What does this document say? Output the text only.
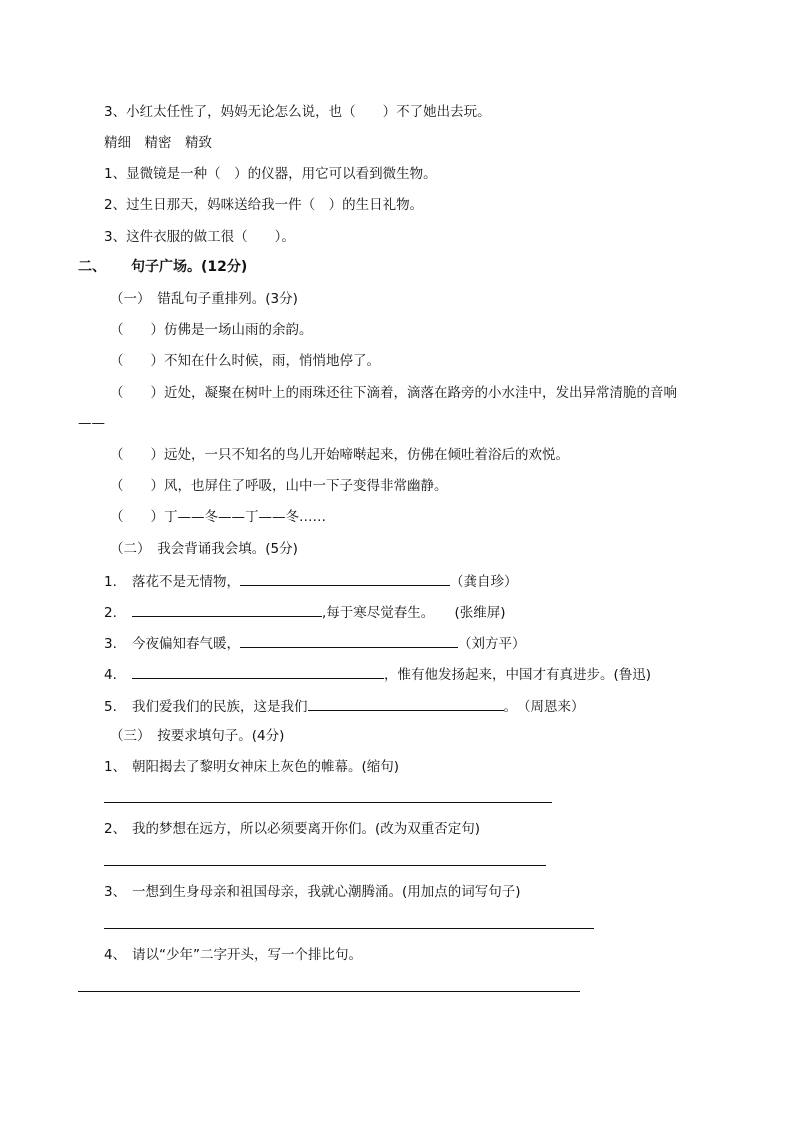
3、小红太任性了，妈妈无论怎么说，也（　　）不了她出去玩。
精细　精密　精致
1、显微镜是一种（　）的仪器，用它可以看到微生物。
2、过生日那天，妈咪送给我一件（　）的生日礼物。
3、这件衣服的做工很（　　）。
二、 句子广场。(12分)
（一）　错乱句子重排列。(3分)
（　　）仿佛是一场山雨的余韵。
（　　）不知在什么时候，雨，悄悄地停了。
（　　）近处，凝聚在树叶上的雨珠还往下滴着，滴落在路旁的小水洼中，发出异常清脆的音响
——
（　　）远处，一只不知名的鸟儿开始啼啭起来，仿佛在倾吐着浴后的欢悦。
（　　）风，也屏住了呼吸，山中一下子变得非常幽静。
（　　）丁——冬——丁——冬……
（二）　我会背诵我会填。(5分)
1. 落花不是无情物，	（龚自珍）
2.	,每于寒尽觉春生。　　(张维屏)
3. 今夜偏知春气暖，	（刘方平）
4.	，惟有他发扬起来，中国才有真进步。(鲁迅)
5. 我们爱我们的民族，这是我们	。　（周恩来）
（三）　按要求填句子。(4分)
1、 朝阳揭去了黎明女神床上灰色的帷幕。(缩句)
2、 我的梦想在远方，所以必须要离开你们。(改为双重否定句)
3、 一想到生身母亲和祖国母亲，我就心潮腾涌。(用加点的词写句子)
4、 请以“少年”二字开头，写一个排比句。
